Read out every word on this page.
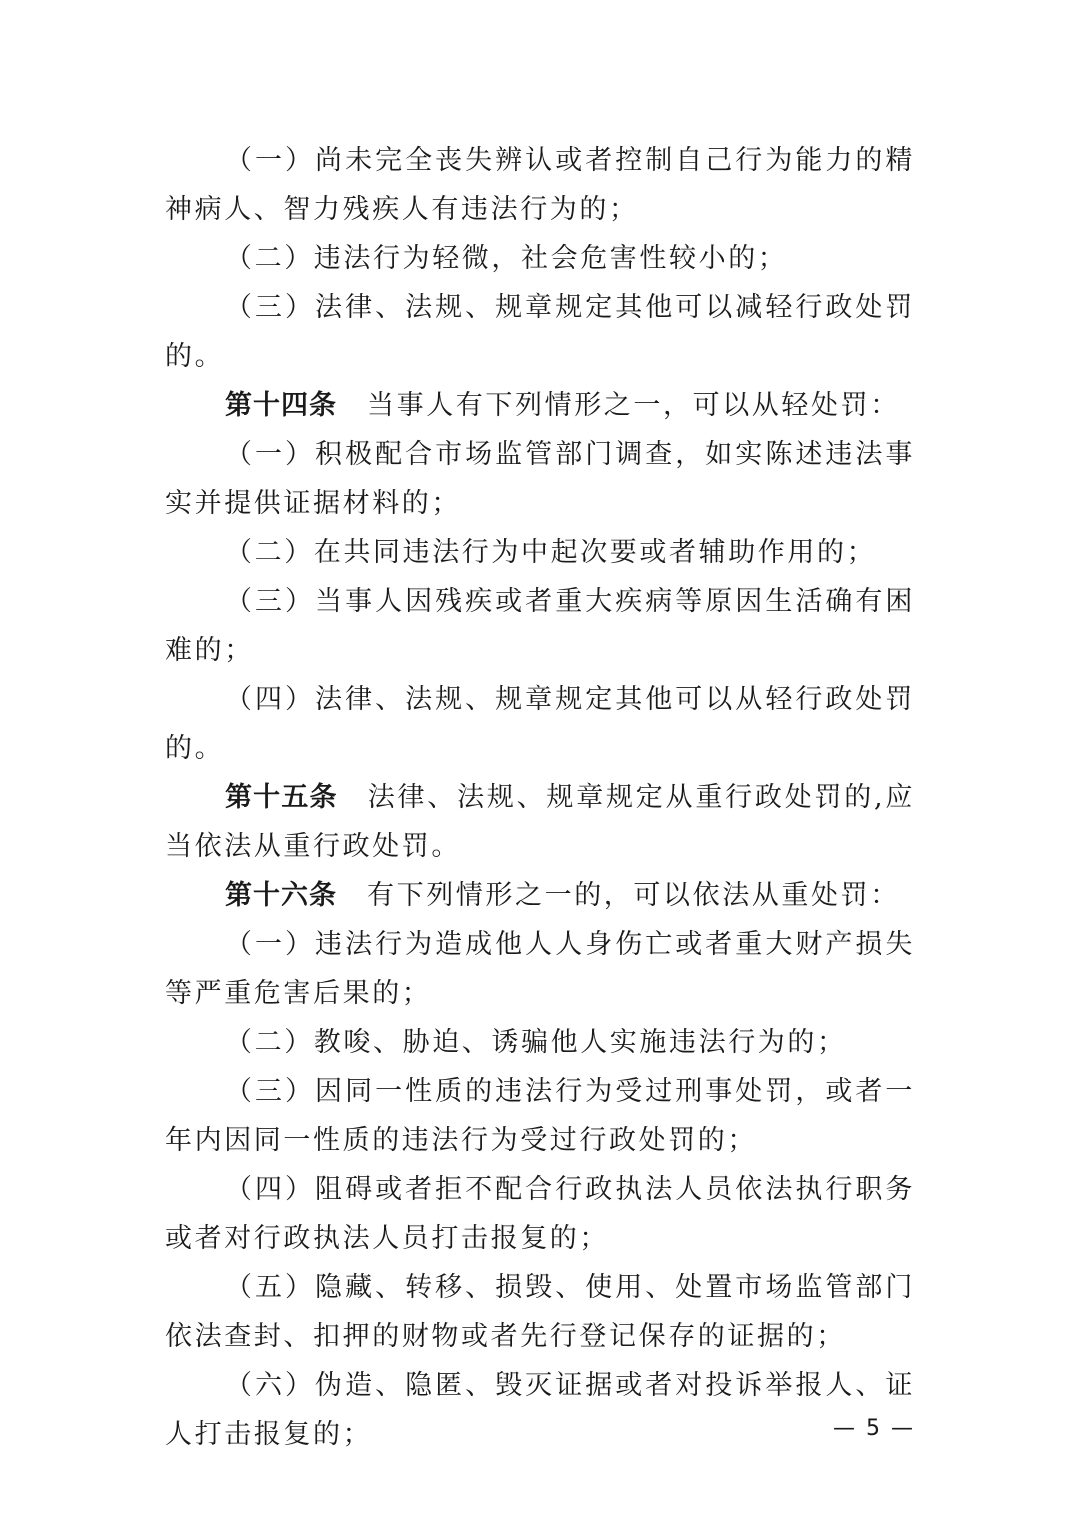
（一）尚未完全丧失辨认或者控制自己行为能力的精神病人、智力残疾人有违法行为的；

（二）违法行为轻微，社会危害性较小的；

（三）法律、法规、规章规定其他可以减轻行政处罚的。

第十四条 当事人有下列情形之一，可以从轻处罚：

（一）积极配合市场监管部门调查，如实陈述违法事实并提供证据材料的；

（二）在共同违法行为中起次要或者辅助作用的；

（三）当事人因残疾或者重大疾病等原因生活确有困难的；

（四）法律、法规、规章规定其他可以从轻行政处罚的。

第十五条 法律、法规、规章规定从重行政处罚的,应当依法从重行政处罚。

第十六条 有下列情形之一的，可以依法从重处罚：

（一）违法行为造成他人人身伤亡或者重大财产损失等严重危害后果的；

（二）教唆、胁迫、诱骗他人实施违法行为的；

（三）因同一性质的违法行为受过刑事处罚，或者一年内因同一性质的违法行为受过行政处罚的；

（四）阻碍或者拒不配合行政执法人员依法执行职务或者对行政执法人员打击报复的；

（五）隐藏、转移、损毁、使用、处置市场监管部门依法查封、扣押的财物或者先行登记保存的证据的；

（六）伪造、隐匿、毁灭证据或者对投诉举报人、证人打击报复的；	— 5 —
